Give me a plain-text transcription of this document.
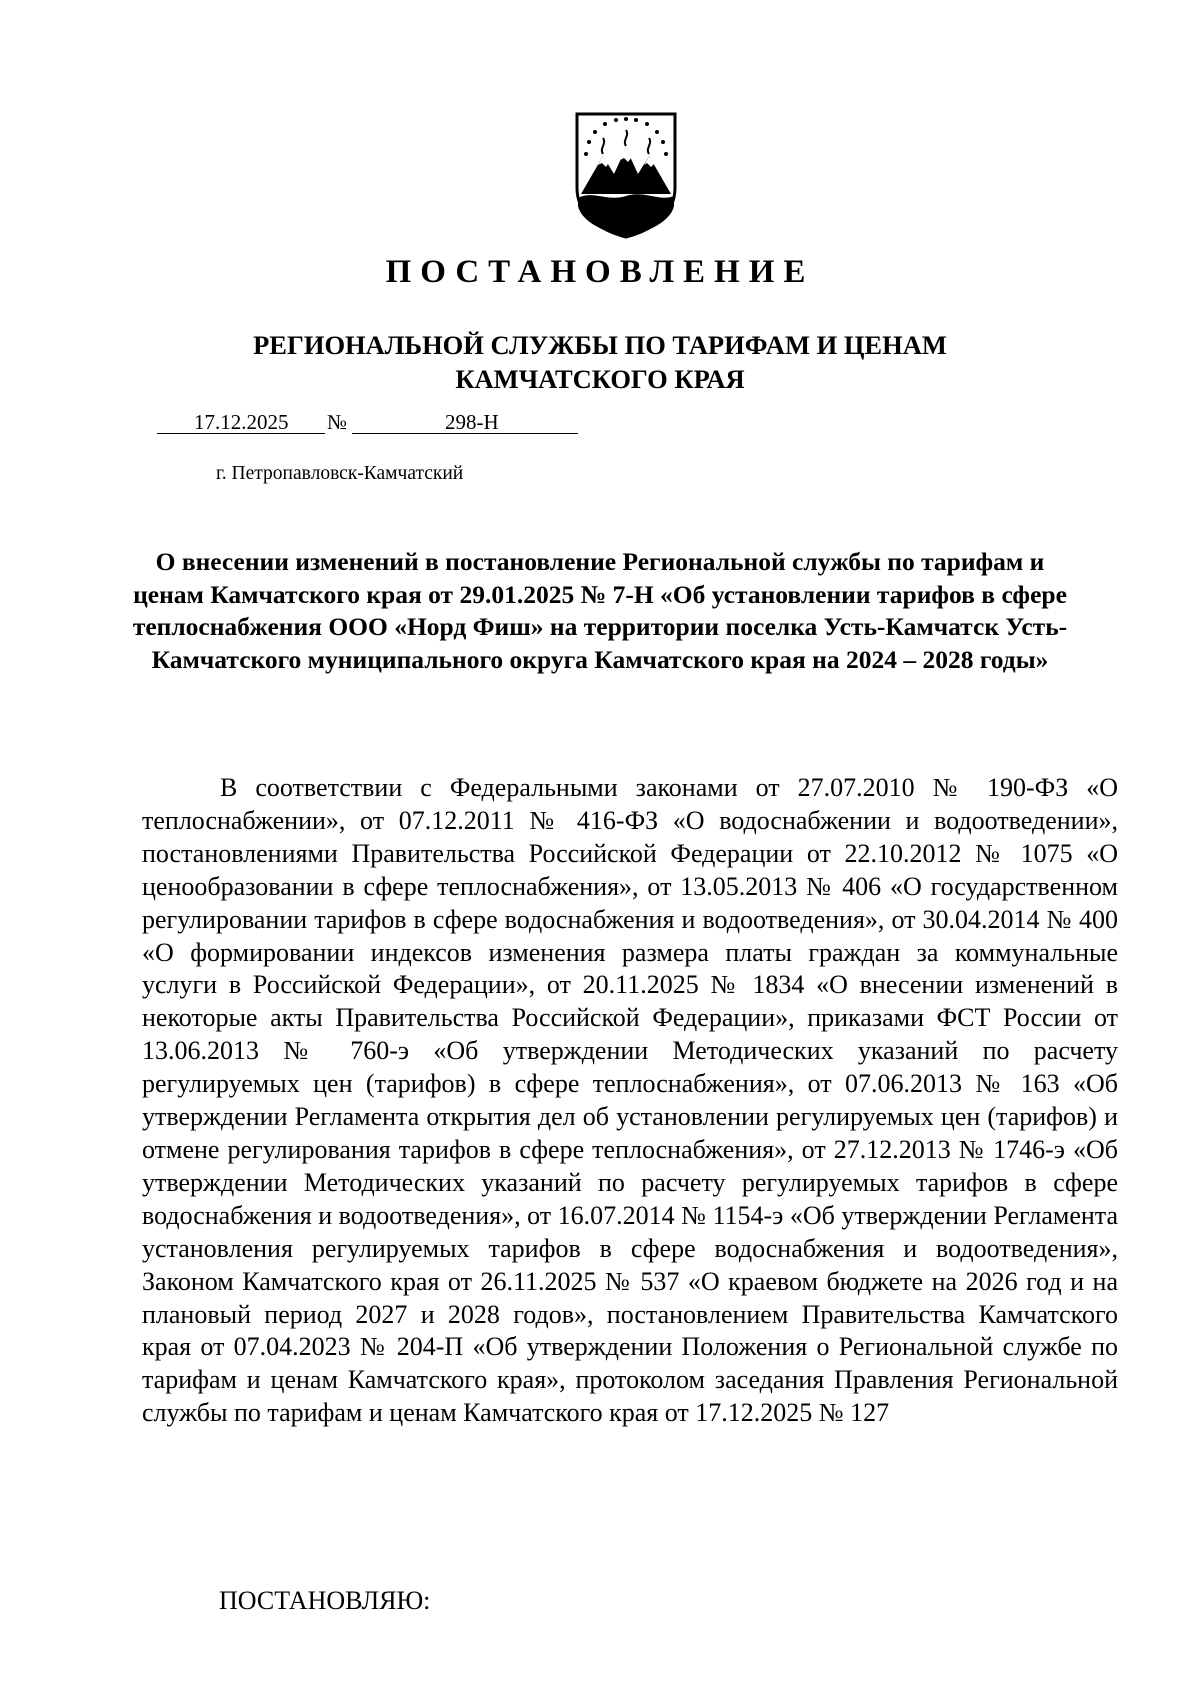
ПОСТАНОВЛЕНИЕ
РЕГИОНАЛЬНОЙ СЛУЖБЫ ПО ТАРИФАМ И ЦЕНАМ
КАМЧАТСКОГО КРАЯ
17.12.2025 №	298-Н
г. Петропавловск-Камчатский
О внесении изменений в постановление Региональной службы по тарифам и ценам Камчатского края от 29.01.2025 № 7-Н «Об установлении тарифов в сфере теплоснабжения ООО «Норд Фиш» на территории поселка Усть-Камчатск Усть-Камчатского муниципального округа Камчатского края на 2024 – 2028 годы»

В соответствии с Федеральными законами от 27.07.2010 № 190-ФЗ «О теплоснабжении», от 07.12.2011 № 416-ФЗ «О водоснабжении и водоотведении», постановлениями Правительства Российской Федерации от 22.10.2012 № 1075 «О ценообразовании в сфере теплоснабжения», от 13.05.2013 № 406 «О государственном регулировании тарифов в сфере водоснабжения и водоотведения», от 30.04.2014 № 400 «О формировании индексов изменения размера платы граждан за коммунальные услуги в Российской Федерации», от 20.11.2025 № 1834 «О внесении изменений в некоторые акты Правительства Российской Федерации», приказами ФСТ России от 13.06.2013 № 760-э «Об утверждении Методических указаний по расчету регулируемых цен (тарифов) в сфере теплоснабжения», от 07.06.2013 № 163 «Об утверждении Регламента открытия дел об установлении регулируемых цен (тарифов) и отмене регулирования тарифов в сфере теплоснабжения», от 27.12.2013 № 1746-э «Об утверждении Методических указаний по расчету регулируемых тарифов в сфере водоснабжения и водоотведения», от 16.07.2014 № 1154-э «Об утверждении Регламента установления регулируемых тарифов в сфере водоснабжения и водоотведения», Законом Камчатского края от 26.11.2025 № 537 «О краевом бюджете на 2026 год и на плановый период 2027 и 2028 годов», постановлением Правительства Камчатского края от 07.04.2023 № 204-П «Об утверждении Положения о Региональной службе по тарифам и ценам Камчатского края», протоколом заседания Правления Региональной службы по тарифам и ценам Камчатского края от 17.12.2025 № 127

ПОСТАНОВЛЯЮ:
